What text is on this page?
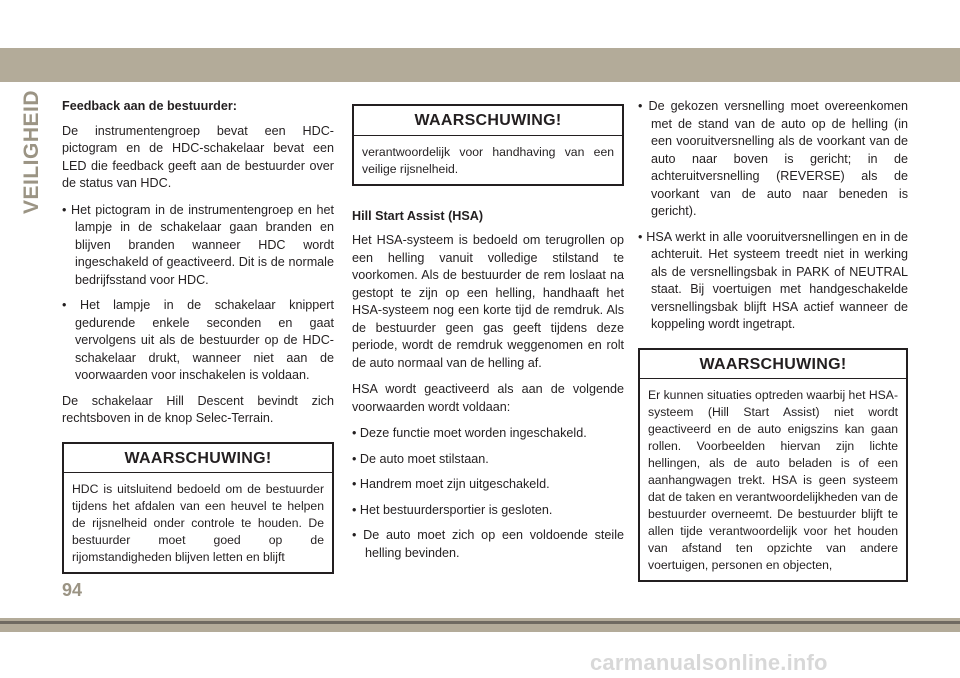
VEILIGHEID Feedback aan de bestuurder:

De instrumentengroep bevat een HDC-pictogram en de HDC-schakelaar bevat een LED die feedback geeft aan de bestuurder over de status van HDC.

• Het pictogram in de instrumentengroep en het lampje in de schakelaar gaan branden en blijven branden wanneer HDC wordt ingeschakeld of geactiveerd. Dit is de normale bedrijfsstand voor HDC.

• Het lampje in de schakelaar knippert gedurende enkele seconden en gaat vervolgens uit als de bestuurder op de HDC-schakelaar drukt, wanneer niet aan de voorwaarden voor inschakelen is voldaan.

De schakelaar Hill Descent bevindt zich rechtsboven in de knop Selec-Terrain.

WAARSCHUWING!
HDC is uitsluitend bedoeld om de bestuurder tijdens het afdalen van een heuvel te helpen de rijsnelheid onder controle te houden. De bestuurder moet goed op de rijomstandigheden blijven letten en blijft
WAARSCHUWING!
verantwoordelijk voor handhaving van een veilige rijsnelheid.

Hill Start Assist (HSA)

Het HSA-systeem is bedoeld om terugrollen op een helling vanuit volledige stilstand te voorkomen. Als de bestuurder de rem loslaat na gestopt te zijn op een helling, handhaaft het HSA-systeem nog een korte tijd de remdruk. Als de bestuurder geen gas geeft tijdens deze periode, wordt de remdruk weggenomen en rolt de auto normaal van de helling af.

HSA wordt geactiveerd als aan de volgende voorwaarden wordt voldaan:

• Deze functie moet worden ingeschakeld.

• De auto moet stilstaan.

• Handrem moet zijn uitgeschakeld.

• Het bestuurdersportier is gesloten.

• De auto moet zich op een voldoende steile helling bevinden.

• De gekozen versnelling moet overeenkomen met de stand van de auto op de helling (in een vooruitversnelling als de voorkant van de auto naar boven is gericht; in de achteruitversnelling (REVERSE) als de voorkant van de auto naar beneden is gericht).

• HSA werkt in alle vooruitversnellingen en in de achteruit. Het systeem treedt niet in werking als de versnellingsbak in PARK of NEUTRAL staat. Bij voertuigen met handgeschakelde versnellingsbak blijft HSA actief wanneer de koppeling wordt ingetrapt.

WAARSCHUWING!
Er kunnen situaties optreden waarbij het HSA-systeem (Hill Start Assist) niet wordt geactiveerd en de auto enigszins kan gaan rollen. Voorbeelden hiervan zijn lichte hellingen, als de auto beladen is of een aanhangwagen trekt. HSA is geen systeem dat de taken en verantwoordelijkheden van de bestuurder overneemt. De bestuurder blijft te allen tijde verantwoordelijk voor het houden van afstand ten opzichte van andere voertuigen, personen en objecten,
94
carmanualsonline.info
